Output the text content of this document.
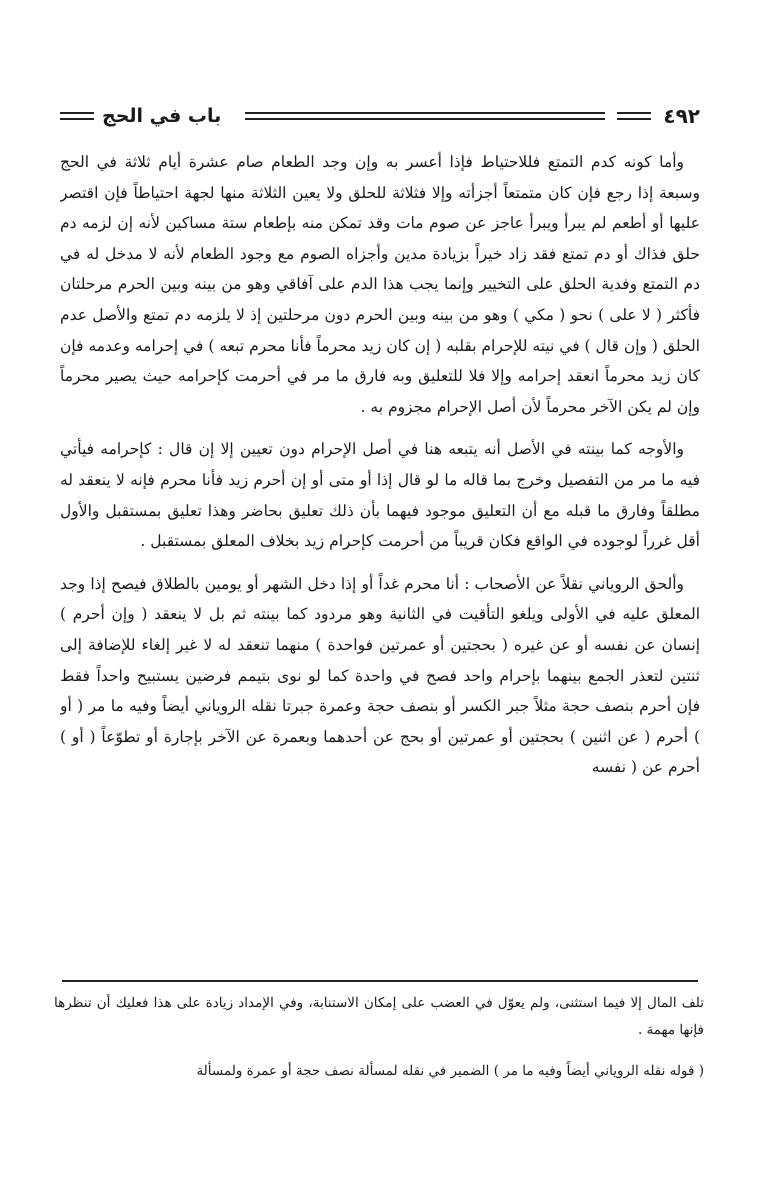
٤٩٢
باب في الحج

وأما كونه كدم التمتع فللاحتياط فإذا أعسر به وإن وجد الطعام صام عشرة أيام ثلاثة في الحج وسبعة إذا رجع فإن كان متمتعاً أجزأته وإلا فثلاثة للحلق ولا يعين الثلاثة منها لجهة احتياطاً فإن اقتصر عليها أو أطعم لم يبرأ ويبرأ عاجز عن صوم مات وقد تمكن منه بإطعام ستة مساكين لأنه إن لزمه دم حلق فذاك أو دم تمتع فقد زاد خيراً بزيادة مدين وأجزاه الصوم مع وجود الطعام لأنه لا مدخل له في دم التمتع وفدية الحلق على التخيير وإنما يجب هذا الدم على آفاقي وهو من بينه وبين الحرم مرحلتان فأكثر ( لا على ) نحو ( مكي ) وهو من بينه وبين الحرم دون مرحلتين إذ لا يلزمه دم تمتع والأصل عدم الحلق ( وإن قال ) في نيته للإحرام بقلبه ( إن كان زيد محرماً فأنا محرم تبعه ) في إحرامه وعدمه فإن كان زيد محرماً انعقد إحرامه وإلا فلا للتعليق وبه فارق ما مر في أحرمت كإحرامه حيث يصير محرماً وإن لم يكن الآخر محرماً لأن أصل الإحرام مجزوم به .

والأوجه كما بينته في الأصل أنه يتبعه هنا في أصل الإحرام دون تعيين إلا إن قال : كإحرامه فيأتي فيه ما مر من التفصيل وخرج بما قاله ما لو قال إذا أو متى أو إن أحرم زيد فأنا محرم فإنه لا ينعقد له مطلقاً وفارق ما قبله مع أن التعليق موجود فيهما بأن ذلك تعليق بحاضر وهذا تعليق بمستقبل والأول أقل غرراً لوجوده في الواقع فكان قريباً من أحرمت كإحرام زيد بخلاف المعلق بمستقبل .

وألحق الروياني نقلاً عن الأصحاب : أنا محرم غداً أو إذا دخل الشهر أو يومين بالطلاق فيصح إذا وجد المعلق عليه في الأولى ويلغو التأقيت في الثانية وهو مردود كما بينته ثم بل لا ينعقد ( وإن أحرم ) إنسان عن نفسه أو عن غيره ( بحجتين أو عمرتين فواحدة ) منهما تنعقد له لا غير إلغاء للإضافة إلى ثنتين لتعذر الجمع بينهما بإحرام واحد فصح في واحدة كما لو نوى بتيمم فرضين يستبيح واحداً فقط فإن أحرم بنصف حجة مثلاً جبر الكسر أو بنصف حجة وعمرة جبرتا نقله الروياني أيضاً وفيه ما مر ( أو ) أحرم ( عن اثنين ) بحجتين أو عمرتين أو بحج عن أحدهما وبعمرة عن الآخر بإجارة أو تطوّعاً ( أو ) أحرم عن ( نفسه

تلف المال إلا فيما استثنى، ولم يعوّل في العضب على إمكان الاستنابة، وفي الإمداد زيادة على هذا فعليك أن تنظرها فإنها مهمة .

( قوله نقله الروياني أيضاً وفيه ما مر ) الضمير في نقله لمسألة نصف حجة أو عمرة ولمسألة
